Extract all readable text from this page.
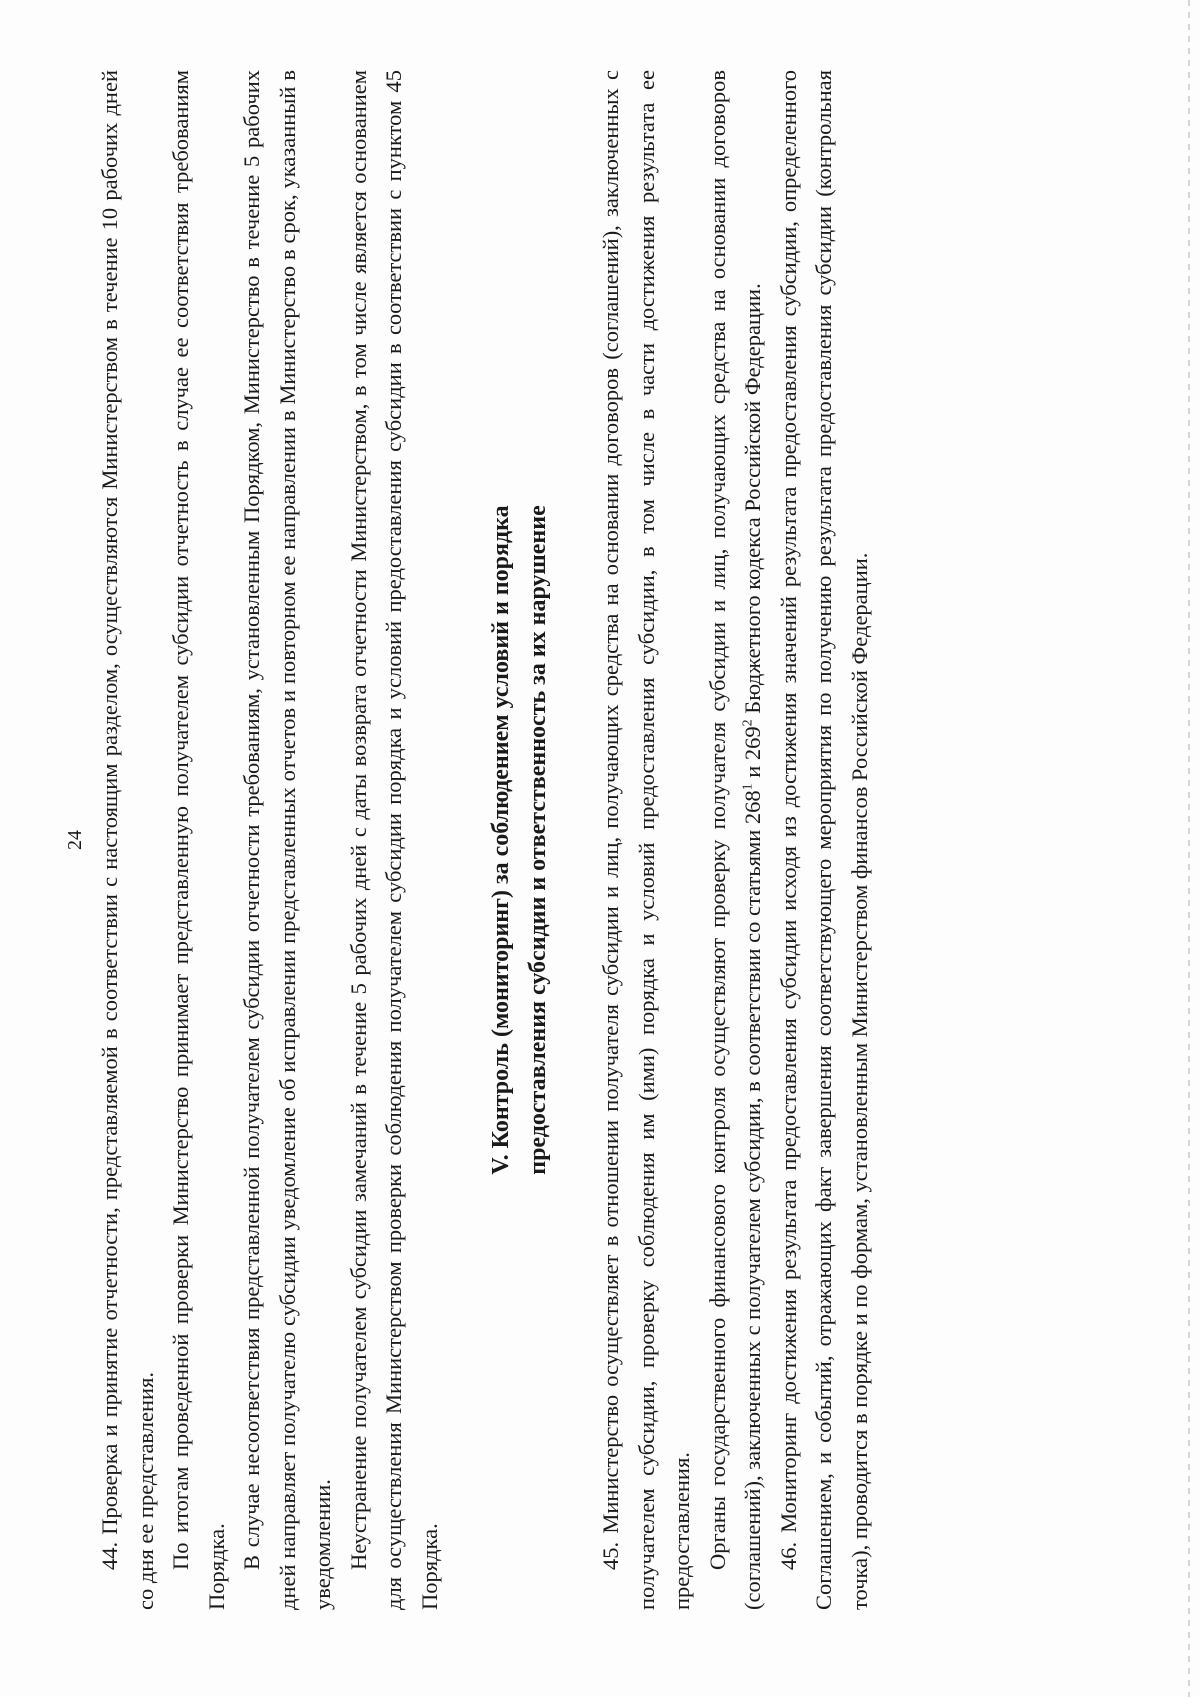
24 44. Проверка и принятие отчетности, представляемой в соответствии с настоящим разделом, осуществляются Министерством в течение 10 рабочих дней со дня ее представления. По итогам проведенной проверки Министерство принимает представленную получателем субсидии отчетность в случае ее соответствия требованиям Порядка. В случае несоответствия представленной получателем субсидии отчетности требованиям, установленным Порядком, Министерство в течение 5 рабочих дней направляет получателю субсидии уведомление об исправлении представленных отчетов и повторном ее направлении в Министерство в срок, указанный в уведомлении. Неустранение получателем субсидии замечаний в течение 5 рабочих дней с даты возврата отчетности Министерством, в том числе является основанием для осуществления Министерством проверки соблюдения получателем субсидии порядка и условий предоставления субсидии в соответствии с пунктом 45 Порядка.

V. Контроль (мониторинг) за соблюдением условий и порядка предоставления субсидии и ответственность за их нарушение 45. Министерство осуществляет в отношении получателя субсидии и лиц, получающих средства на основании договоров (соглашений), заключенных с получателем субсидии, проверку соблюдения им (ими) порядка и условий предоставления субсидии, в том числе в части достижения результата ее предоставления. Органы государственного финансового контроля осуществляют проверку получателя субсидии и лиц, получающих средства на основании договоров (соглашений), заключенных с получателем субсидии, в соответствии со статьями $268^1$ и $269^2$ Бюджетного кодекса Российской Федерации. 46. Мониторинг достижения результата предоставления субсидии исходя из достижения значений результата предоставления субсидии, определенного Соглашением, и событий, отражающих факт завершения соответствующего мероприятия по получению результата предоставления субсидии (контрольная точка), проводится в порядке и по формам, установленным Министерством финансов Российской Федерации.
